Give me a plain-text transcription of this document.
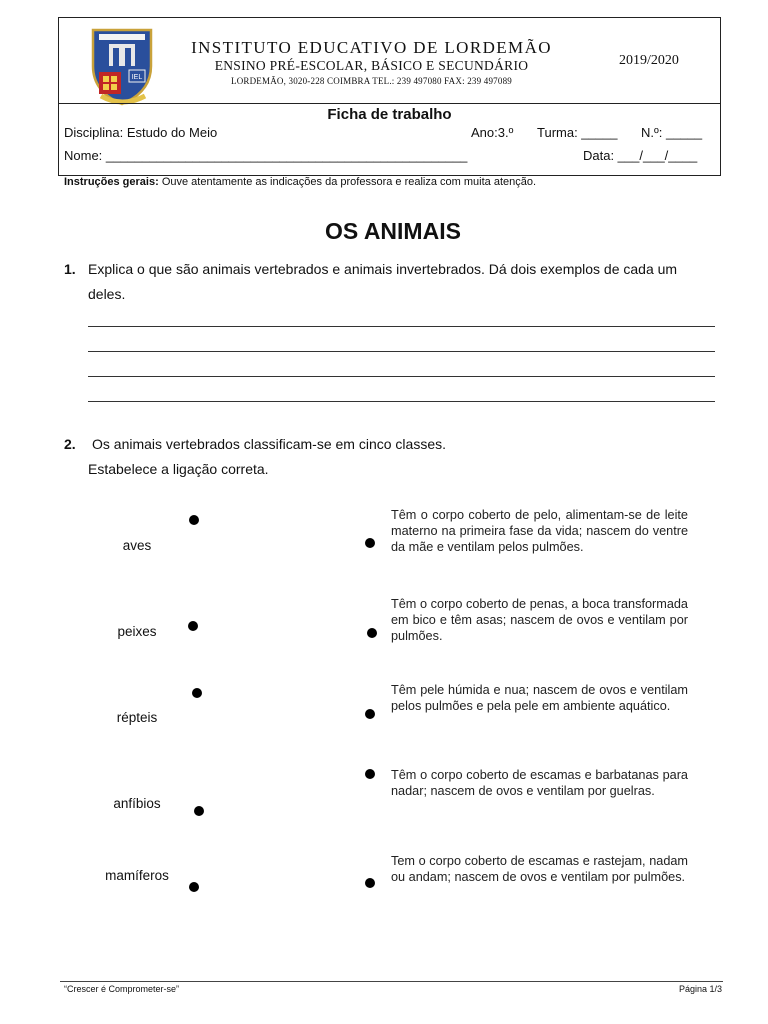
IEL
INSTITUTO EDUCATIVO DE LORDEMÃO
ENSINO PRÉ-ESCOLAR, BÁSICO E SECUNDÁRIO
LORDEMÃO, 3020-228 COIMBRA TEL.: 239 497080 FAX: 239 497089
2019/2020
Ficha de trabalho
Disciplina: Estudo do Meio	Ano:3.º Turma: _____ N.º: _____
Nome: __________________________________________________	Data: ___/___/____
Instruções gerais: Ouve atentamente as indicações da professora e realiza com muita atenção.
OS ANIMAIS
1. Explica o que são animais vertebrados e animais invertebrados. Dá dois exemplos de cada um deles.
2. Os animais vertebrados classificam-se em cinco classes.
Estabelece a ligação correta.
aves
peixes
répteis
anfíbios
mamíferos
Têm o corpo coberto de pelo, alimentam-se de leite materno na primeira fase da vida; nascem do ventre da mãe e ventilam pelos pulmões.
Têm o corpo coberto de penas, a boca transformada em bico e têm asas; nascem de ovos e ventilam por pulmões.
Têm pele húmida e nua; nascem de ovos e ventilam pelos pulmões e pela pele em ambiente aquático.
Têm o corpo coberto de escamas e barbatanas para nadar; nascem de ovos e ventilam por guelras.
Tem o corpo coberto de escamas e rastejam, nadam ou andam; nascem de ovos e ventilam por pulmões.
“Crescer é Comprometer-se”	Página 1/3
